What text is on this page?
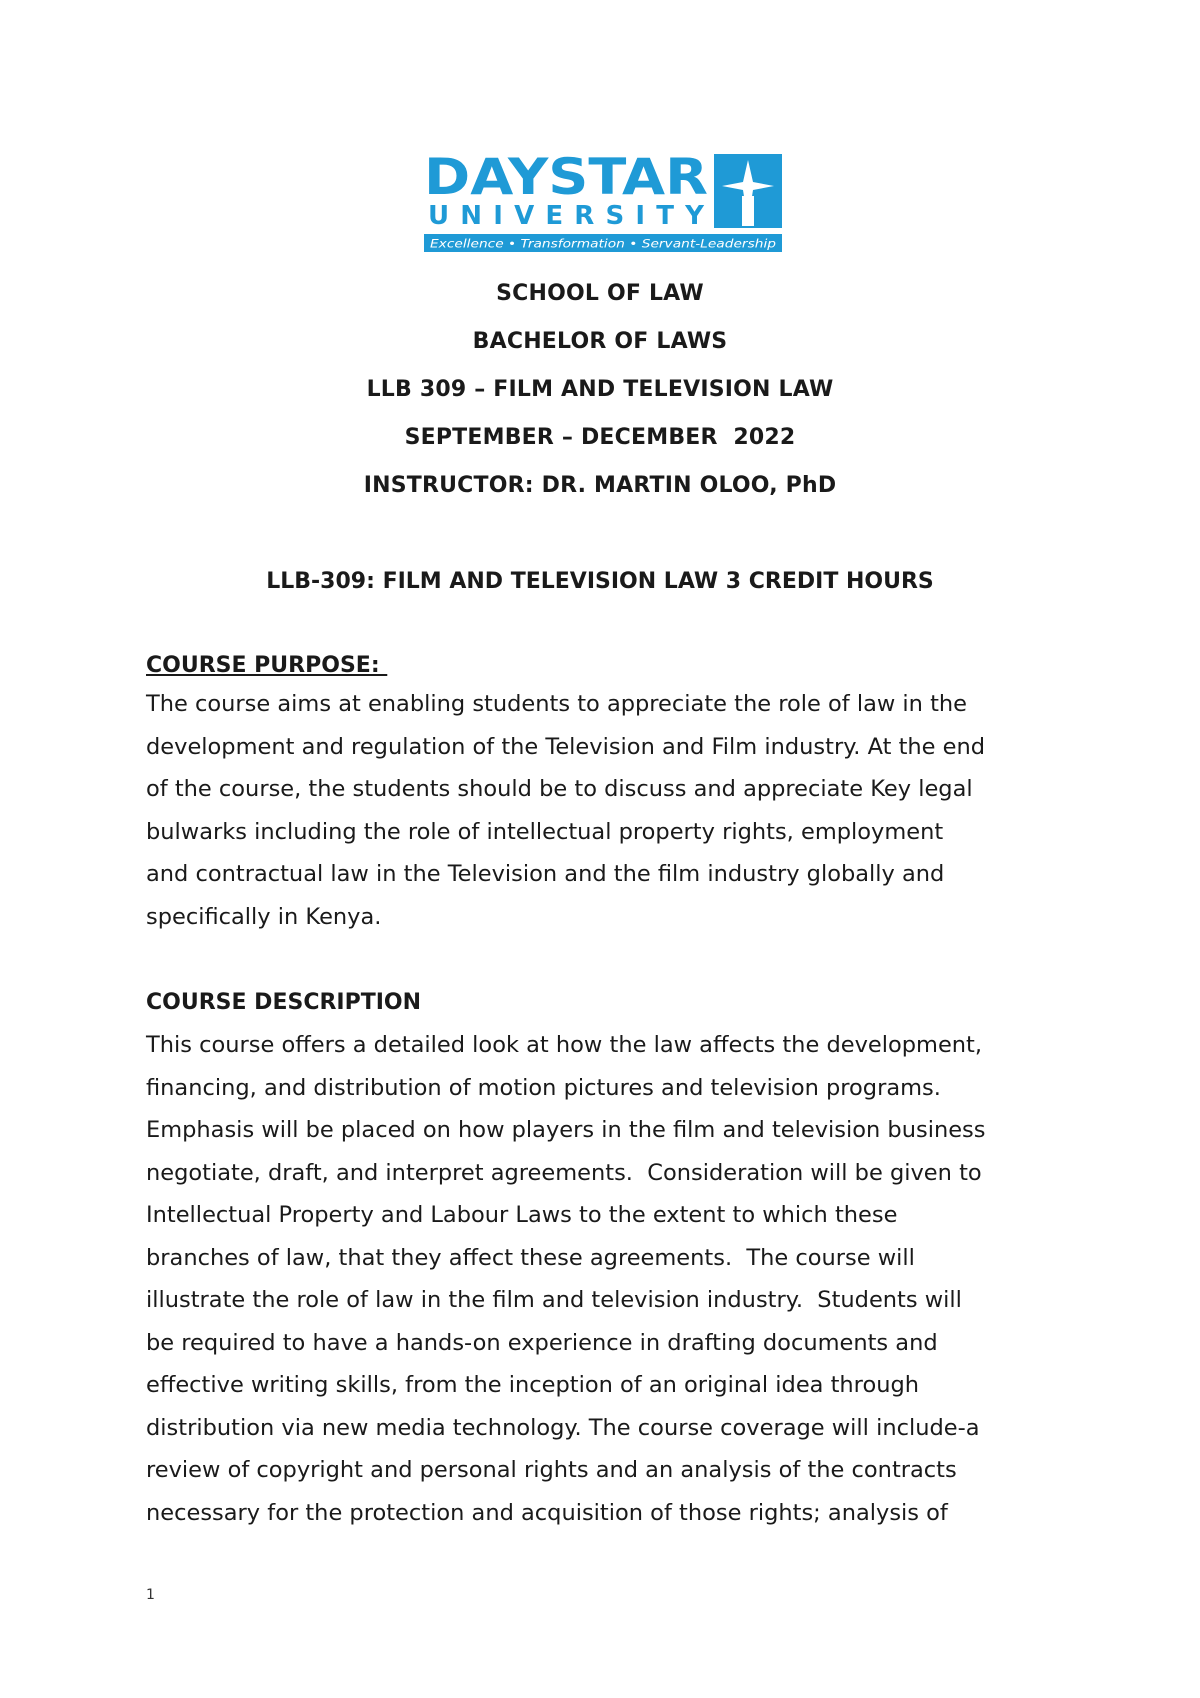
DAYSTAR
UNIVERSITY
Excellence • Transformation • Servant-Leadership

SCHOOL OF LAW

BACHELOR OF LAWS

LLB 309 – FILM AND TELEVISION LAW

SEPTEMBER – DECEMBER  2022

INSTRUCTOR: DR. MARTIN OLOO, PhD

LLB-309: FILM AND TELEVISION LAW 3 CREDIT HOURS

COURSE PURPOSE:

The course aims at enabling students to appreciate the role of law in the

development and regulation of the Television and Film industry. At the end

of the course, the students should be to discuss and appreciate Key legal

bulwarks including the role of intellectual property rights, employment

and contractual law in the Television and the film industry globally and

specifically in Kenya.

COURSE DESCRIPTION

This course offers a detailed look at how the law affects the development,

financing, and distribution of motion pictures and television programs.

Emphasis will be placed on how players in the film and television business

negotiate, draft, and interpret agreements.  Consideration will be given to

Intellectual Property and Labour Laws to the extent to which these

branches of law, that they affect these agreements.  The course will

illustrate the role of law in the film and television industry.  Students will

be required to have a hands-on experience in drafting documents and

effective writing skills, from the inception of an original idea through

distribution via new media technology. The course coverage will include-a

review of copyright and personal rights and an analysis of the contracts

necessary for the protection and acquisition of those rights; analysis of

1
